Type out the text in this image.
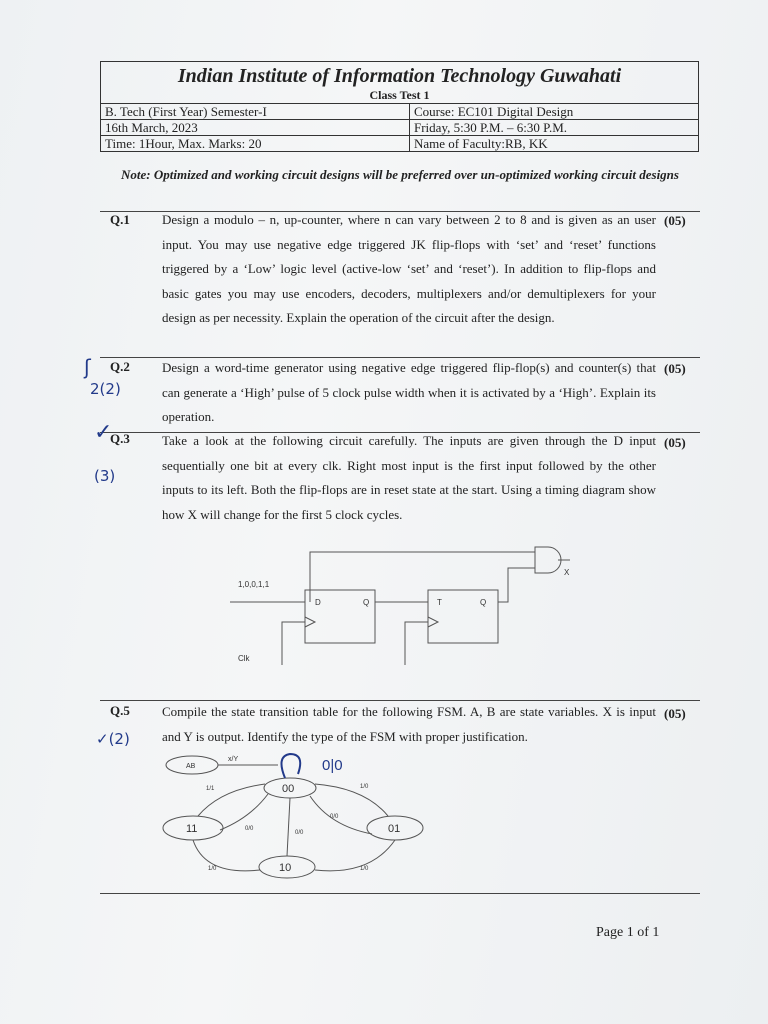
Indian Institute of Information Technology Guwahati
Class Test 1
B. Tech (First Year) Semester-I	Course: EC101 Digital Design
16th March, 2023	Friday, 5:30 P.M. – 6:30 P.M.
Time: 1Hour, Max. Marks: 20	Name of Faculty:RB, KK
Note: Optimized and working circuit designs will be preferred over un-optimized working circuit designs
Q.1 Design a modulo – n, up-counter, where n can vary between 2 to 8 and is given as an user input. You may use negative edge triggered JK flip-flops with ‘set’ and ‘reset’ functions triggered by a ‘Low’ logic level (active-low ‘set’ and ‘reset’). In addition to flip-flops and basic gates you may use encoders, decoders, multiplexers and/or demultiplexers for your design as per necessity. Explain the operation of the circuit after the design.
(05)
Q.2 Design a word-time generator using negative edge triggered flip-flop(s) and counter(s) that can generate a ‘High’ pulse of 5 clock pulse width when it is activated by a ‘High’. Explain its operation.
(05)
ʃ
2(2)
Q.3 Take a look at the following circuit carefully. The inputs are given through the D input sequentially one bit at every clk. Right most input is the first input followed by the other inputs to its left. Both the flip-flops are in reset state at the start. Using a timing diagram show how X will change for the first 5 clock cycles.
(05)
✓
(3)
1,0,0,1,1
Clk
D	Q	T	Q
X
Q.5 Compile the state transition table for the following FSM. A, B are state variables. X is input and Y is output. Identify the type of the FSM with proper justification.
(05)
✓(2)
AB
x/Y
00
01
10
11
1/1	1/0
0/0
0/0
0/0
1/0
1/0
0|0
Page 1 of 1
